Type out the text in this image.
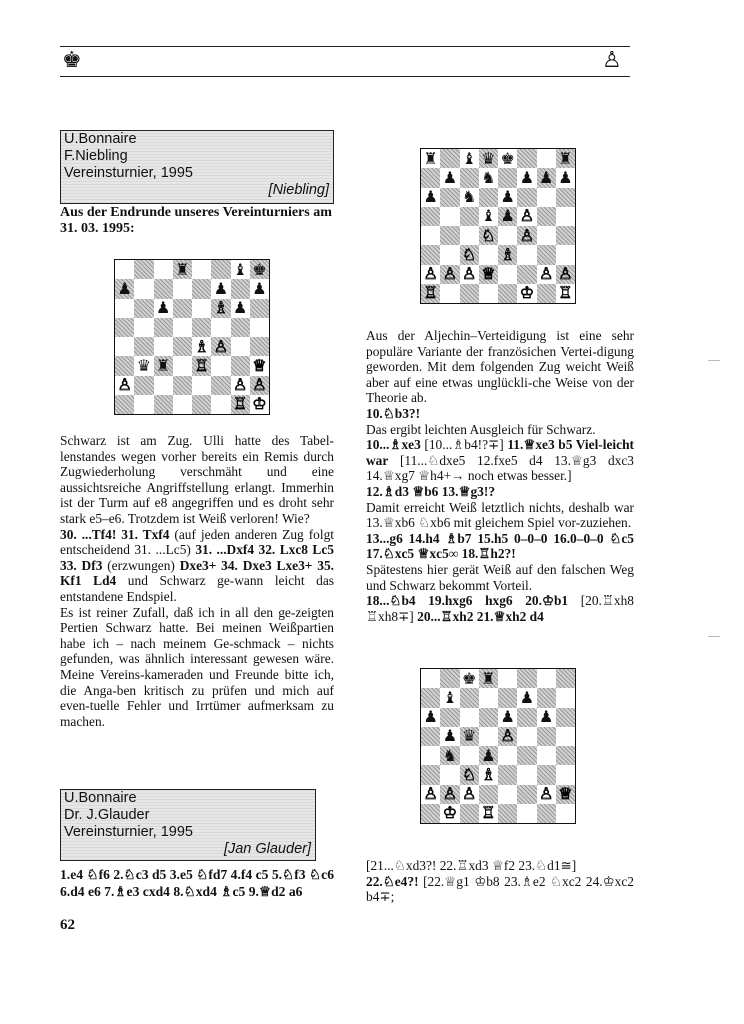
♚	♙
U.Bonnaire
F.Niebling
Vereinsturnier, 1995
[Niebling]
Aus der Endrunde unseres Vereinturniers am 31. 03. 1995:
♜	♝ ♚
♟	♟ ♟
♟	♗ ♟
♗ ♙
♛ ♜ ♖	♕
♙	♙ ♙
♖ ♔

Schwarz ist am Zug. Ulli hatte des Tabel-lenstandes wegen vorher bereits ein Remis durch Zugwiederholung verschmäht und eine aussichtsreiche Angriffstellung erlangt. Immerhin ist der Turm auf e8 angegriffen und es droht sehr stark e5–e6. Trotzdem ist Weiß verloren! Wie?

30. ...Tf4! 31. Txf4 (auf jeden anderen Zug folgt entscheidend 31. ...Lc5) 31. ...Dxf4 32. Lxc8 Lc5 33. Df3 (erzwungen) Dxe3+ 34. Dxe3 Lxe3+ 35. Kf1 Ld4 und Schwarz ge-wann leicht das entstandene Endspiel.

Es ist reiner Zufall, daß ich in all den ge-zeigten Pertien Schwarz hatte. Bei meinen Weißpartien habe ich – nach meinem Ge-schmack – nichts gefunden, was ähnlich interessant gewesen wäre. Meine Vereins-kameraden und Freunde bitte ich, die Anga-ben kritisch zu prüfen und mich auf even-tuelle Fehler und Irrtümer aufmerksam zu machen.

U.Bonnaire
Dr. J.Glauder
Vereinsturnier, 1995
[Jan Glauder]
1.e4 ♘f6 2.♘c3 d5 3.e5 ♘fd7 4.f4 c5 5.♘f3 ♘c6 6.d4 e6 7.♗e3 cxd4 8.♘xd4 ♗c5 9.♕d2 a6
62
♜ ♝ ♛ ♚	♜
♟ ♞ ♟ ♟ ♟
♟ ♞ ♟
♝ ♟ ♙
♘ ♙
♘ ♗
♙ ♙ ♙ ♕	♙ ♙
♖	♔ ♖

Aus der Aljechin–Verteidigung ist eine sehr populäre Variante der französichen Vertei-digung geworden. Mit dem folgenden Zug weicht Weiß aber auf eine etwas unglückli-che Weise von der Theorie ab.

10.♘b3?!

Das ergibt leichten Ausgleich für Schwarz.

10...♗xe3 [10...♗b4!?∓] 11.♕xe3 b5 Viel-leicht war [11...♘dxe5 12.fxe5 d4 13.♕g3 dxc3 14.♕xg7 ♕h4+→ noch etwas besser.]

12.♗d3 ♕b6 13.♕g3!?

Damit erreicht Weiß letztlich nichts, deshalb war 13.♕xb6 ♘xb6 mit gleichem Spiel vor-zuziehen.

13...g6 14.h4 ♗b7 15.h5 0–0–0 16.0–0–0 ♘c5 17.♘xc5 ♕xc5∞ 18.♖h2?!

Spätestens hier gerät Weiß auf den falschen Weg und Schwarz bekommt Vorteil.

18...♘b4 19.hxg6 hxg6 20.♔b1 [20.♖xh8 ♖xh8∓] 20...♖xh2 21.♕xh2 d4

♚ ♜
♝	♟
♟	♟ ♟
♟ ♛ ♙
♞ ♟
♘ ♗
♙ ♙ ♙	♙ ♕
♔ ♖

[21...♘xd3?! 22.♖xd3 ♕f2 23.♘d1≅]

22.♘e4?! [22.♕g1 ♔b8 23.♗e2 ♘xc2 24.♔xc2 b4∓;
